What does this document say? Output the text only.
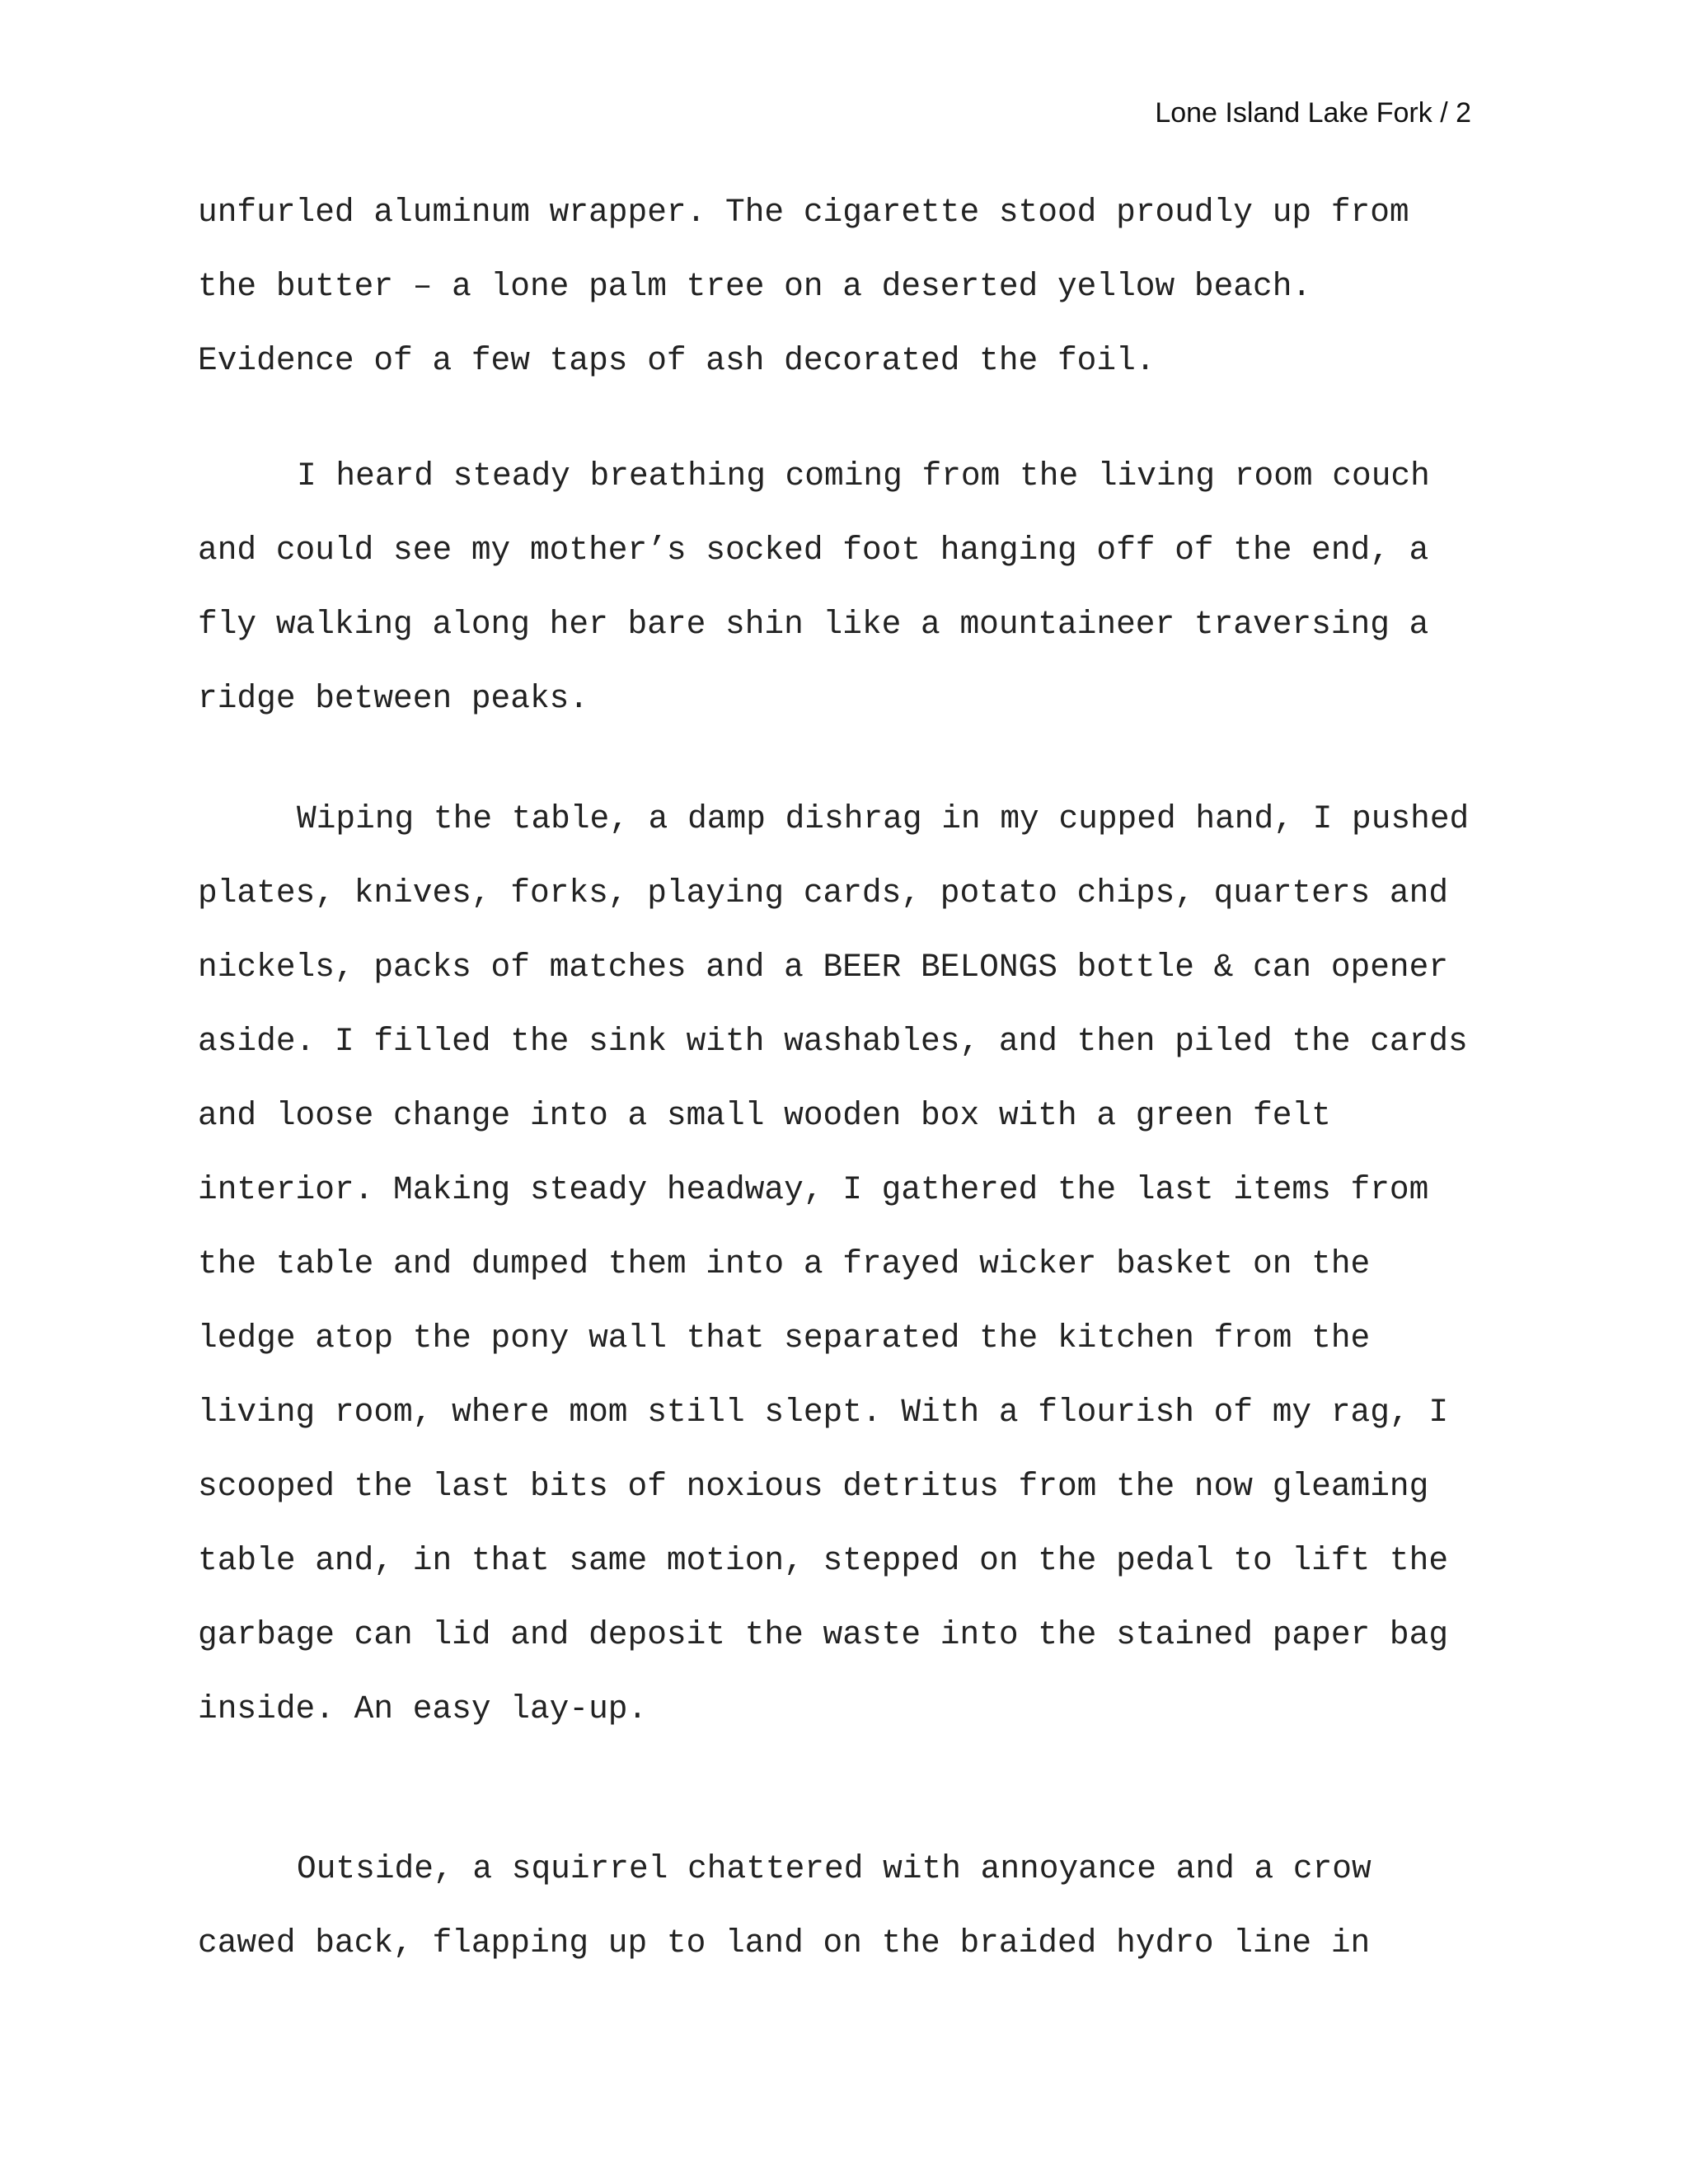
Lone Island Lake Fork / 2
unfurled aluminum wrapper. The cigarette stood proudly up from
the butter – a lone palm tree on a deserted yellow beach.
Evidence of a few taps of ash decorated the foil.
I heard steady breathing coming from the living room couch
and could see my mother’s socked foot hanging off of the end, a
fly walking along her bare shin like a mountaineer traversing a
ridge between peaks.
Wiping the table, a damp dishrag in my cupped hand, I pushed
plates, knives, forks, playing cards, potato chips, quarters and
nickels, packs of matches and a BEER BELONGS bottle & can opener
aside. I filled the sink with washables, and then piled the cards
and loose change into a small wooden box with a green felt
interior. Making steady headway, I gathered the last items from
the table and dumped them into a frayed wicker basket on the
ledge atop the pony wall that separated the kitchen from the
living room, where mom still slept. With a flourish of my rag, I
scooped the last bits of noxious detritus from the now gleaming
table and, in that same motion, stepped on the pedal to lift the
garbage can lid and deposit the waste into the stained paper bag
inside. An easy lay-up.
Outside, a squirrel chattered with annoyance and a crow
cawed back, flapping up to land on the braided hydro line in
